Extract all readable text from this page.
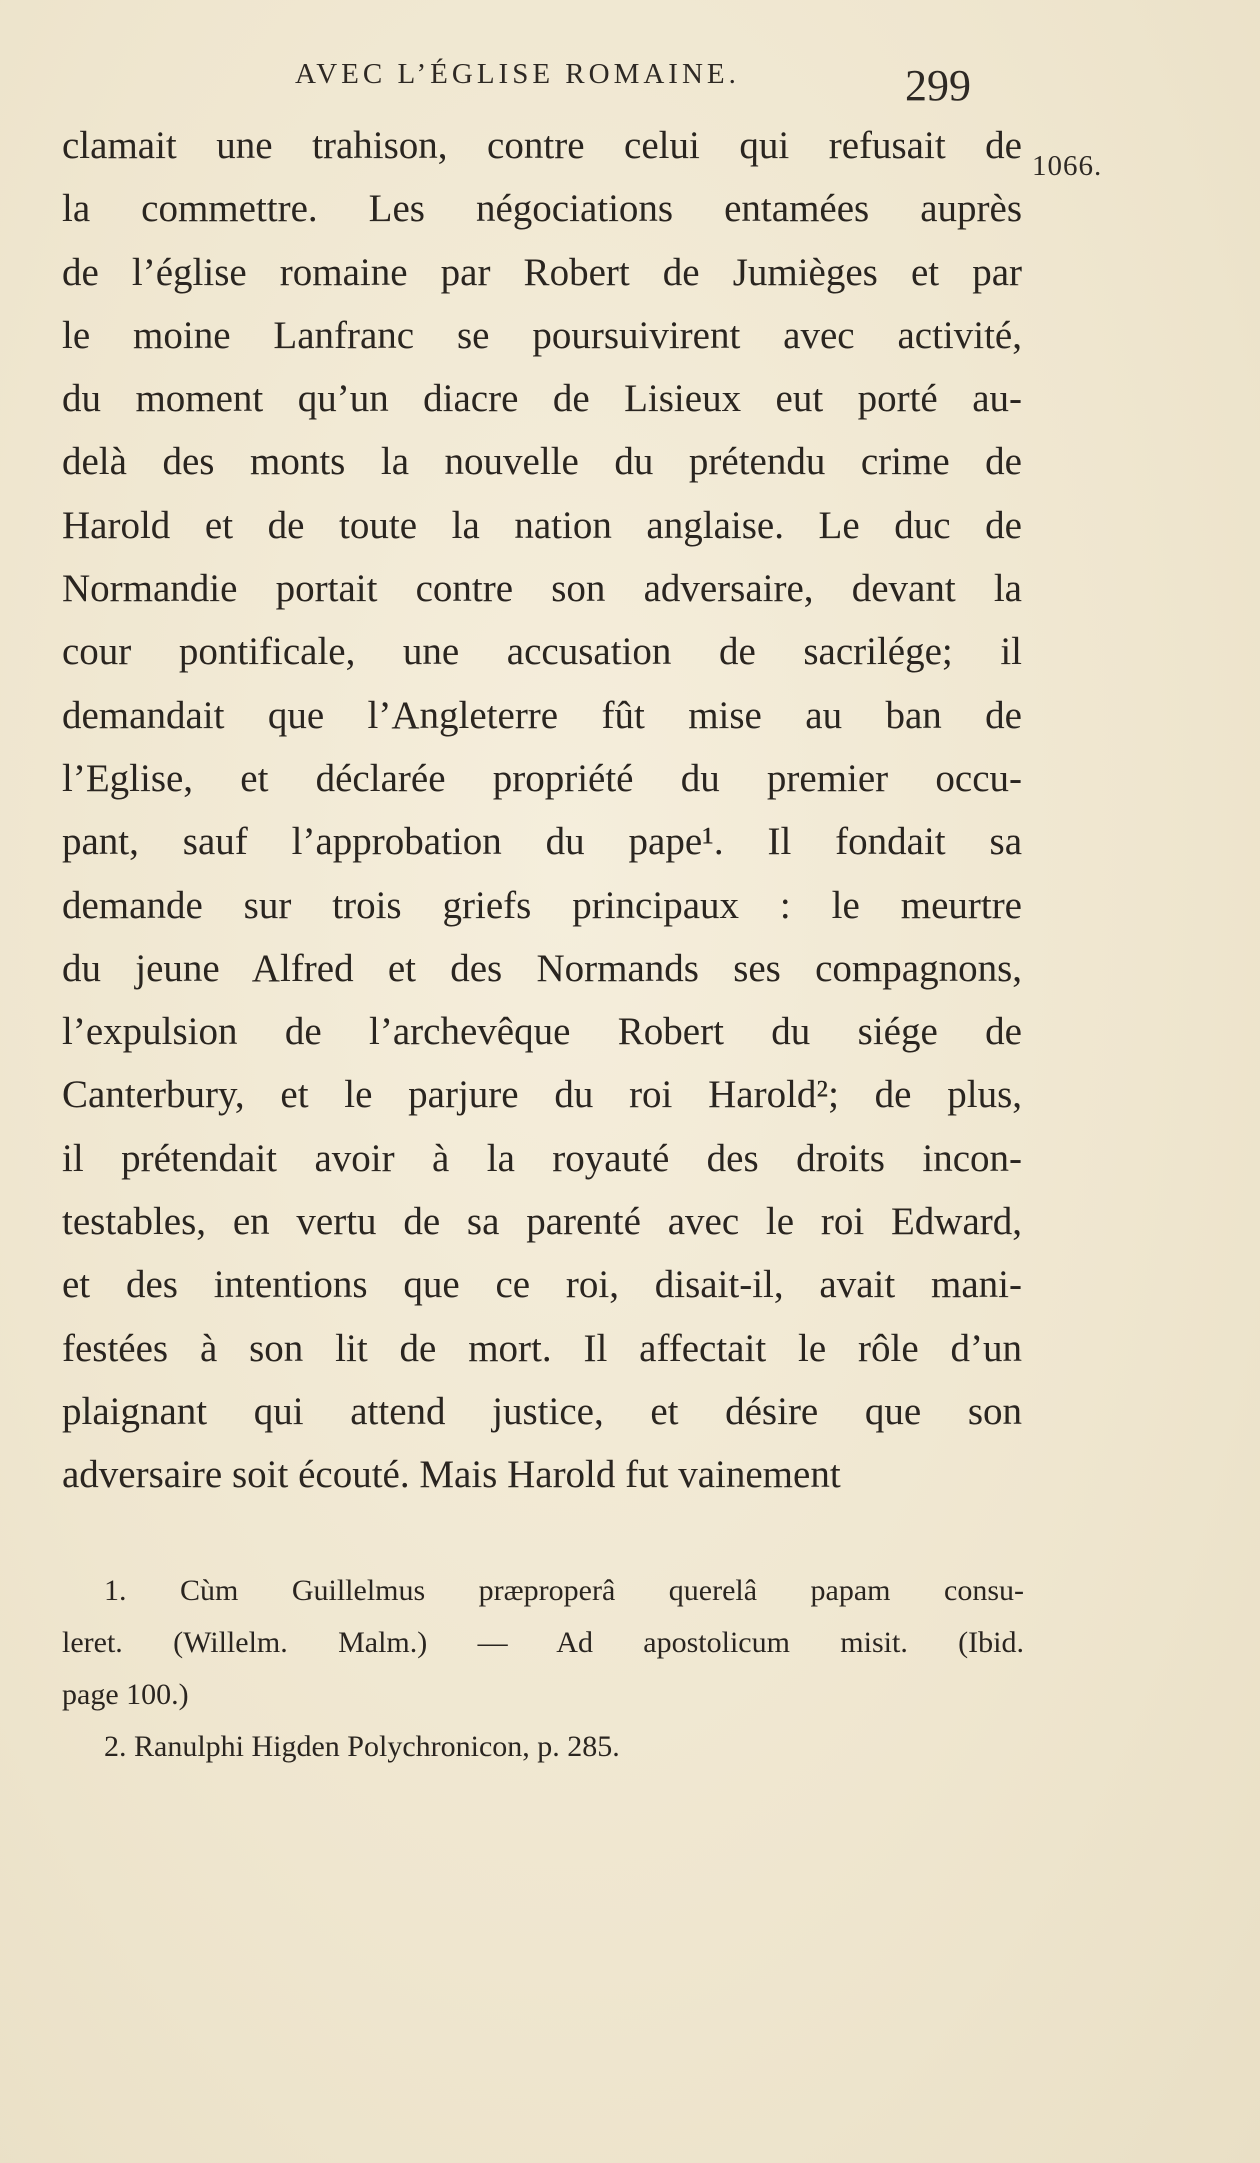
AVEC L’ÉGLISE ROMAINE.	299
1066.
clamait une trahison, contre celui qui refusait de
la commettre. Les négociations entamées auprès
de l’église romaine par Robert de Jumièges et par
le moine Lanfranc se poursuivirent avec activité,
du moment qu’un diacre de Lisieux eut porté au-
delà des monts la nouvelle du prétendu crime de
Harold et de toute la nation anglaise. Le duc de
Normandie portait contre son adversaire, devant la
cour pontificale, une accusation de sacrilége; il
demandait que l’Angleterre fût mise au ban de
l’Eglise, et déclarée propriété du premier occu-
pant, sauf l’approbation du pape¹. Il fondait sa
demande sur trois griefs principaux : le meurtre
du jeune Alfred et des Normands ses compagnons,
l’expulsion de l’archevêque Robert du siége de
Canterbury, et le parjure du roi Harold²; de plus,
il prétendait avoir à la royauté des droits incon-
testables, en vertu de sa parenté avec le roi Edward,
et des intentions que ce roi, disait-il, avait mani-
festées à son lit de mort. Il affectait le rôle d’un
plaignant qui attend justice, et désire que son
adversaire soit écouté. Mais Harold fut vainement
1. Cùm Guillelmus præproperâ querelâ papam consu-
leret. (Willelm. Malm.) — Ad apostolicum misit. (Ibid.
page 100.)
2. Ranulphi Higden Polychronicon, p. 285.
